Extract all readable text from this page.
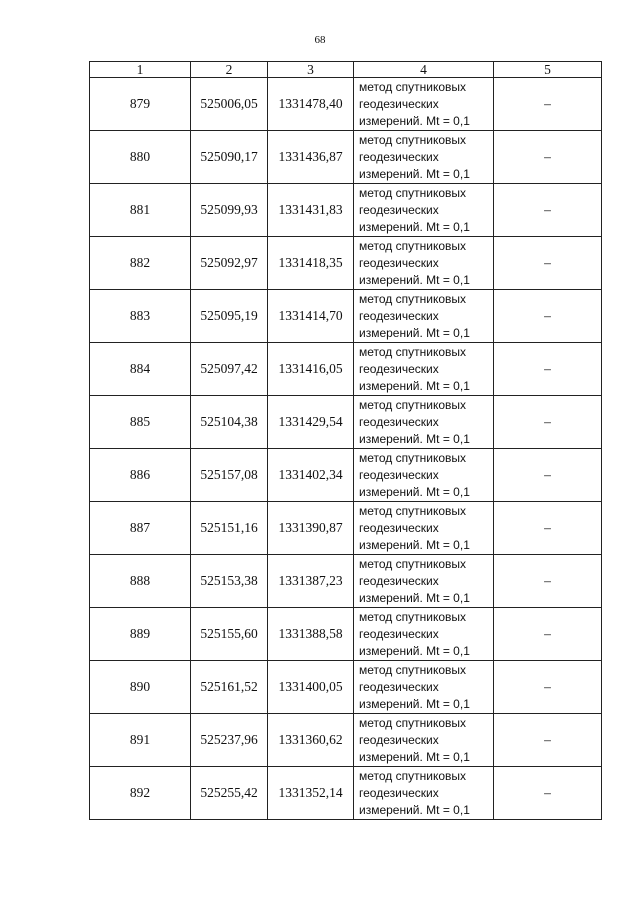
68
1	2	3	4	5
879	525006,05	1331478,40	метод спутниковых
геодезических
измерений. Mt = 0,1	–
880	525090,17	1331436,87	метод спутниковых
геодезических
измерений. Mt = 0,1	–
881	525099,93	1331431,83	метод спутниковых
геодезических
измерений. Mt = 0,1	–
882	525092,97	1331418,35	метод спутниковых
геодезических
измерений. Mt = 0,1	–
883	525095,19	1331414,70	метод спутниковых
геодезических
измерений. Mt = 0,1	–
884	525097,42	1331416,05	метод спутниковых
геодезических
измерений. Mt = 0,1	–
885	525104,38	1331429,54	метод спутниковых
геодезических
измерений. Mt = 0,1	–
886	525157,08	1331402,34	метод спутниковых
геодезических
измерений. Mt = 0,1	–
887	525151,16	1331390,87	метод спутниковых
геодезических
измерений. Mt = 0,1	–
888	525153,38	1331387,23	метод спутниковых
геодезических
измерений. Mt = 0,1	–
889	525155,60	1331388,58	метод спутниковых
геодезических
измерений. Mt = 0,1	–
890	525161,52	1331400,05	метод спутниковых
геодезических
измерений. Mt = 0,1	–
891	525237,96	1331360,62	метод спутниковых
геодезических
измерений. Mt = 0,1	–
892	525255,42	1331352,14	метод спутниковых
геодезических
измерений. Mt = 0,1	–
